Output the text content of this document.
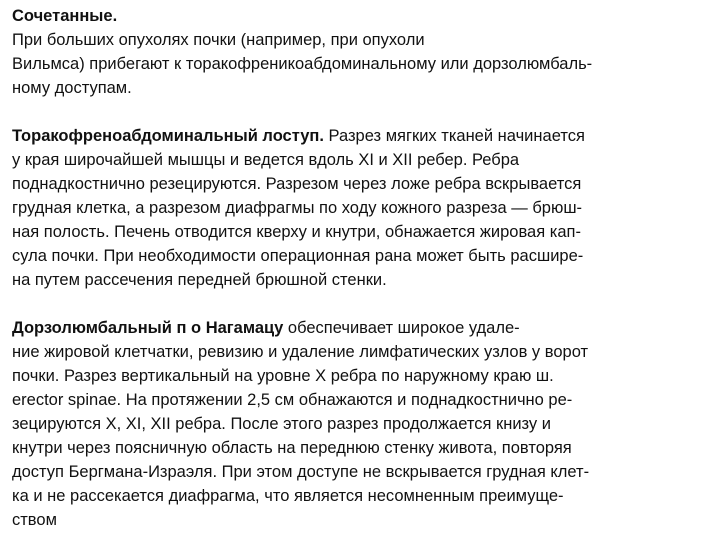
Сочетанные.
При больших опухолях почки (например, при опухоли
Вильмса) прибегают к торакофреникоабдоминальному или дорзолюмбаль-
ному доступам.
Торакофреноабдоминальный лоступ. Разрез мягких тканей начинается
у края широчайшей мышцы и ведется вдоль XI и XII ребер. Ребра
поднадкостнично резецируются. Разрезом через ложе ребра вскрывается
грудная клетка, а разрезом диафрагмы по ходу кожного разреза — брюш-
ная полость. Печень отводится кверху и кнутри, обнажается жировая кап-
сула почки. При необходимости операционная рана может быть расшире-
на путем рассечения передней брюшной стенки.
Дорзолюмбальный п о Нагамацу обеспечивает широкое удале-
ние жировой клетчатки, ревизию и удаление лимфатических узлов у ворот
почки. Разрез вертикальный на уровне X ребра по наружному краю ш.
erector spinae. На протяжении 2,5 см обнажаются и поднадкостнично ре-
зецируются X, XI, XII ребра. После этого разрез продолжается книзу и
кнутри через поясничную область на переднюю стенку живота, повторяя
доступ Бергмана-Израэля. При этом доступе не вскрывается грудная клет-
ка и не рассекается диафрагма, что является несомненным преимуще-
ством
